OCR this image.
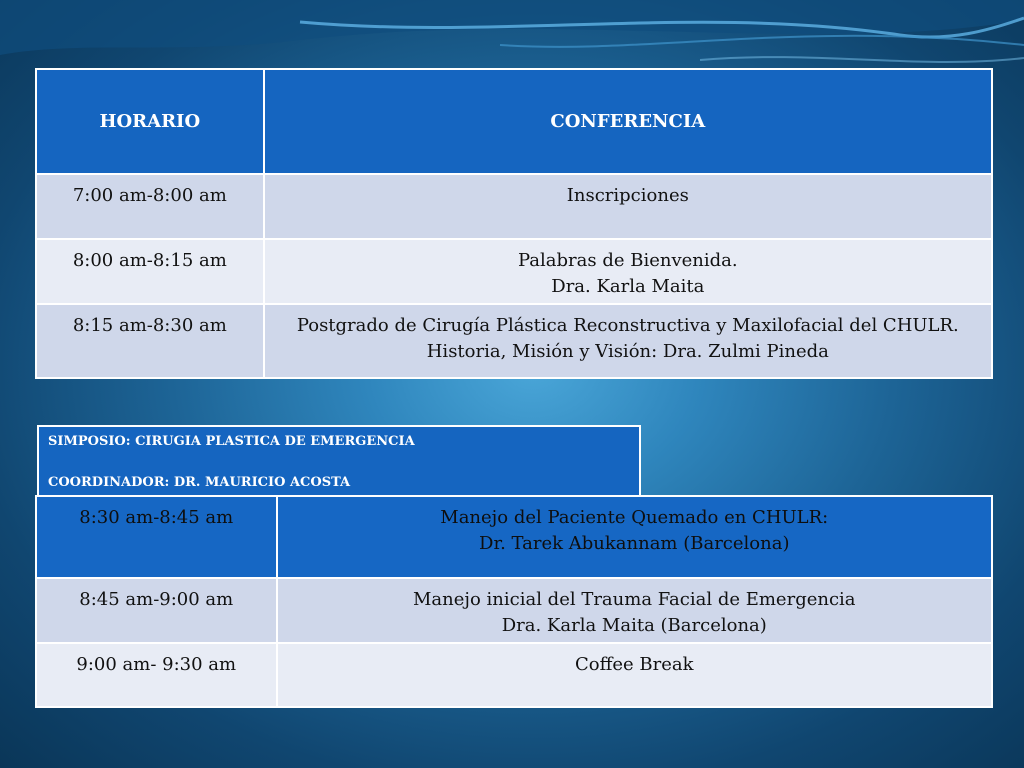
HORARIO	CONFERENCIA
7:00 am-8:00 am	Inscripciones

8:00 am-8:15 am	Palabras de Bienvenida.
Dra. Karla Maita

8:15 am-8:30 am	Postgrado de Cirugía Plástica Reconstructiva y Maxilofacial del CHULR.
Historia, Misión y Visión: Dra. Zulmi Pineda
SIMPOSIO: CIRUGIA PLASTICA DE EMERGENCIA
COORDINADOR: DR. MAURICIO ACOSTA
8:30 am-8:45 am	Manejo del Paciente Quemado en CHULR:
Dr. Tarek Abukannam (Barcelona)

8:45 am-9:00 am	Manejo inicial del Trauma Facial de Emergencia
Dra. Karla Maita (Barcelona)

9:00 am- 9:30 am	Coffee Break
